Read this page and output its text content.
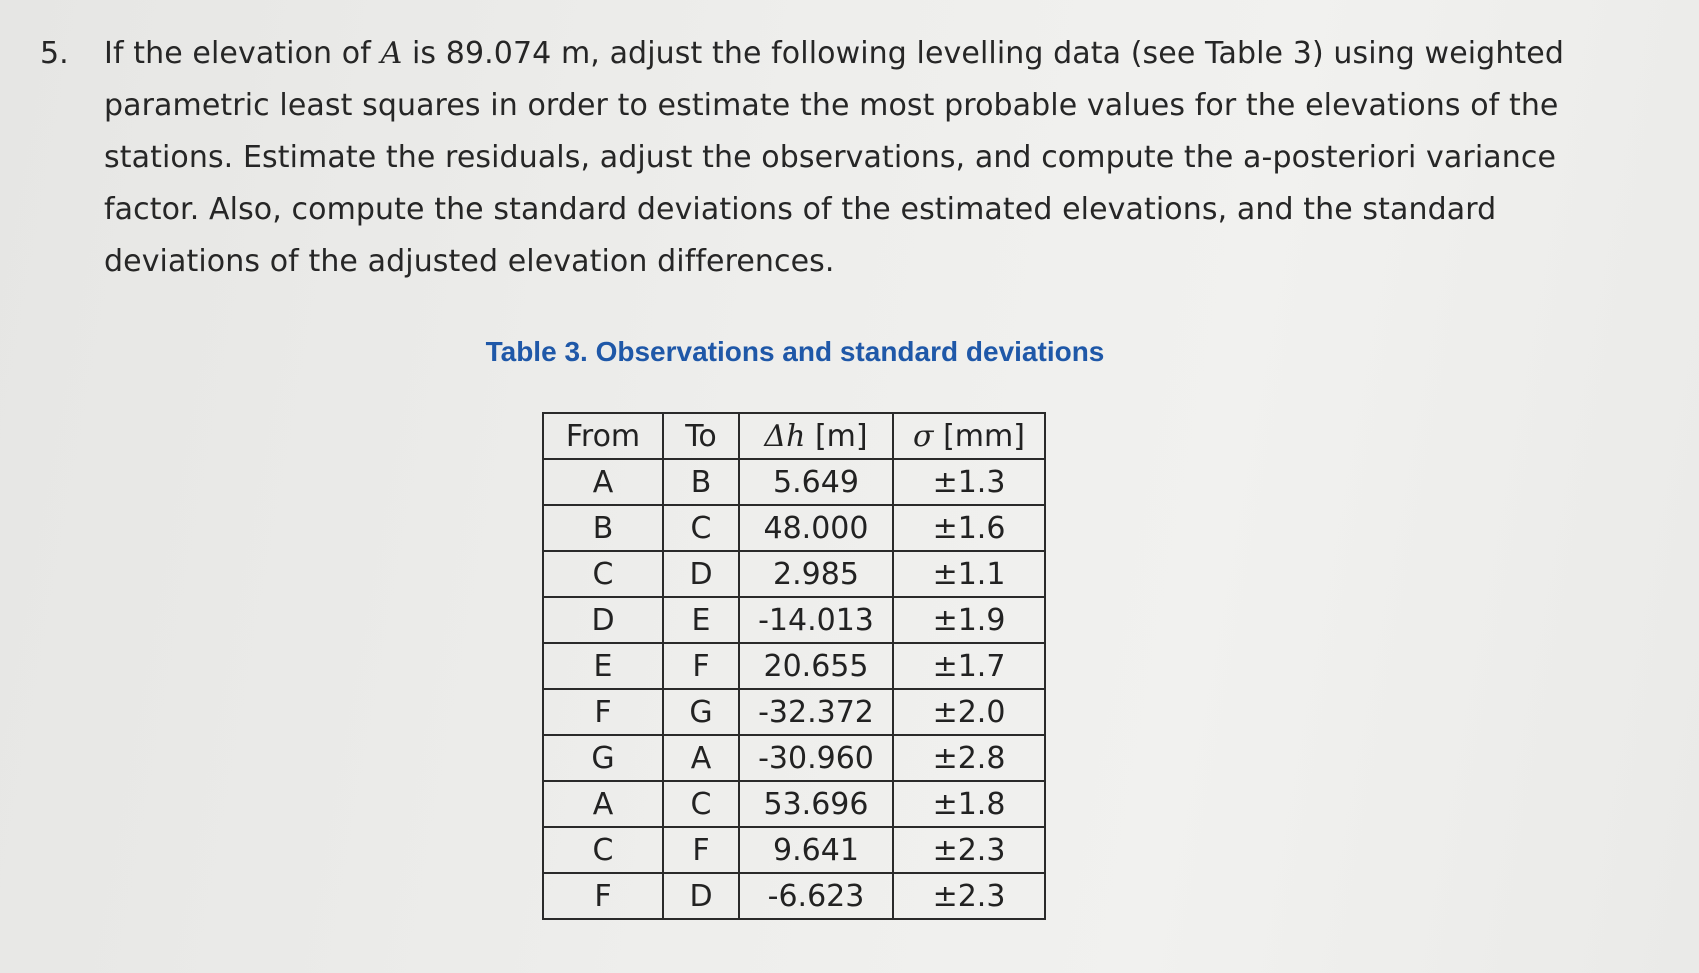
5. If the elevation of A is 89.074 m, adjust the following levelling data (see Table 3) using weighted parametric least squares in order to estimate the most probable values for the elevations of the stations. Estimate the residuals, adjust the observations, and compute the a-posteriori variance factor. Also, compute the standard deviations of the estimated elevations, and the standard deviations of the adjusted elevation differences.
Table 3. Observations and standard deviations
From	To	Δh [m]	σ [mm]
A	B	5.649	±1.3
B	C	48.000	±1.6
C	D	2.985	±1.1
D	E	-14.013	±1.9
E	F	20.655	±1.7
F	G	-32.372	±2.0
G	A	-30.960	±2.8
A	C	53.696	±1.8
C	F	9.641	±2.3
F	D	-6.623	±2.3
